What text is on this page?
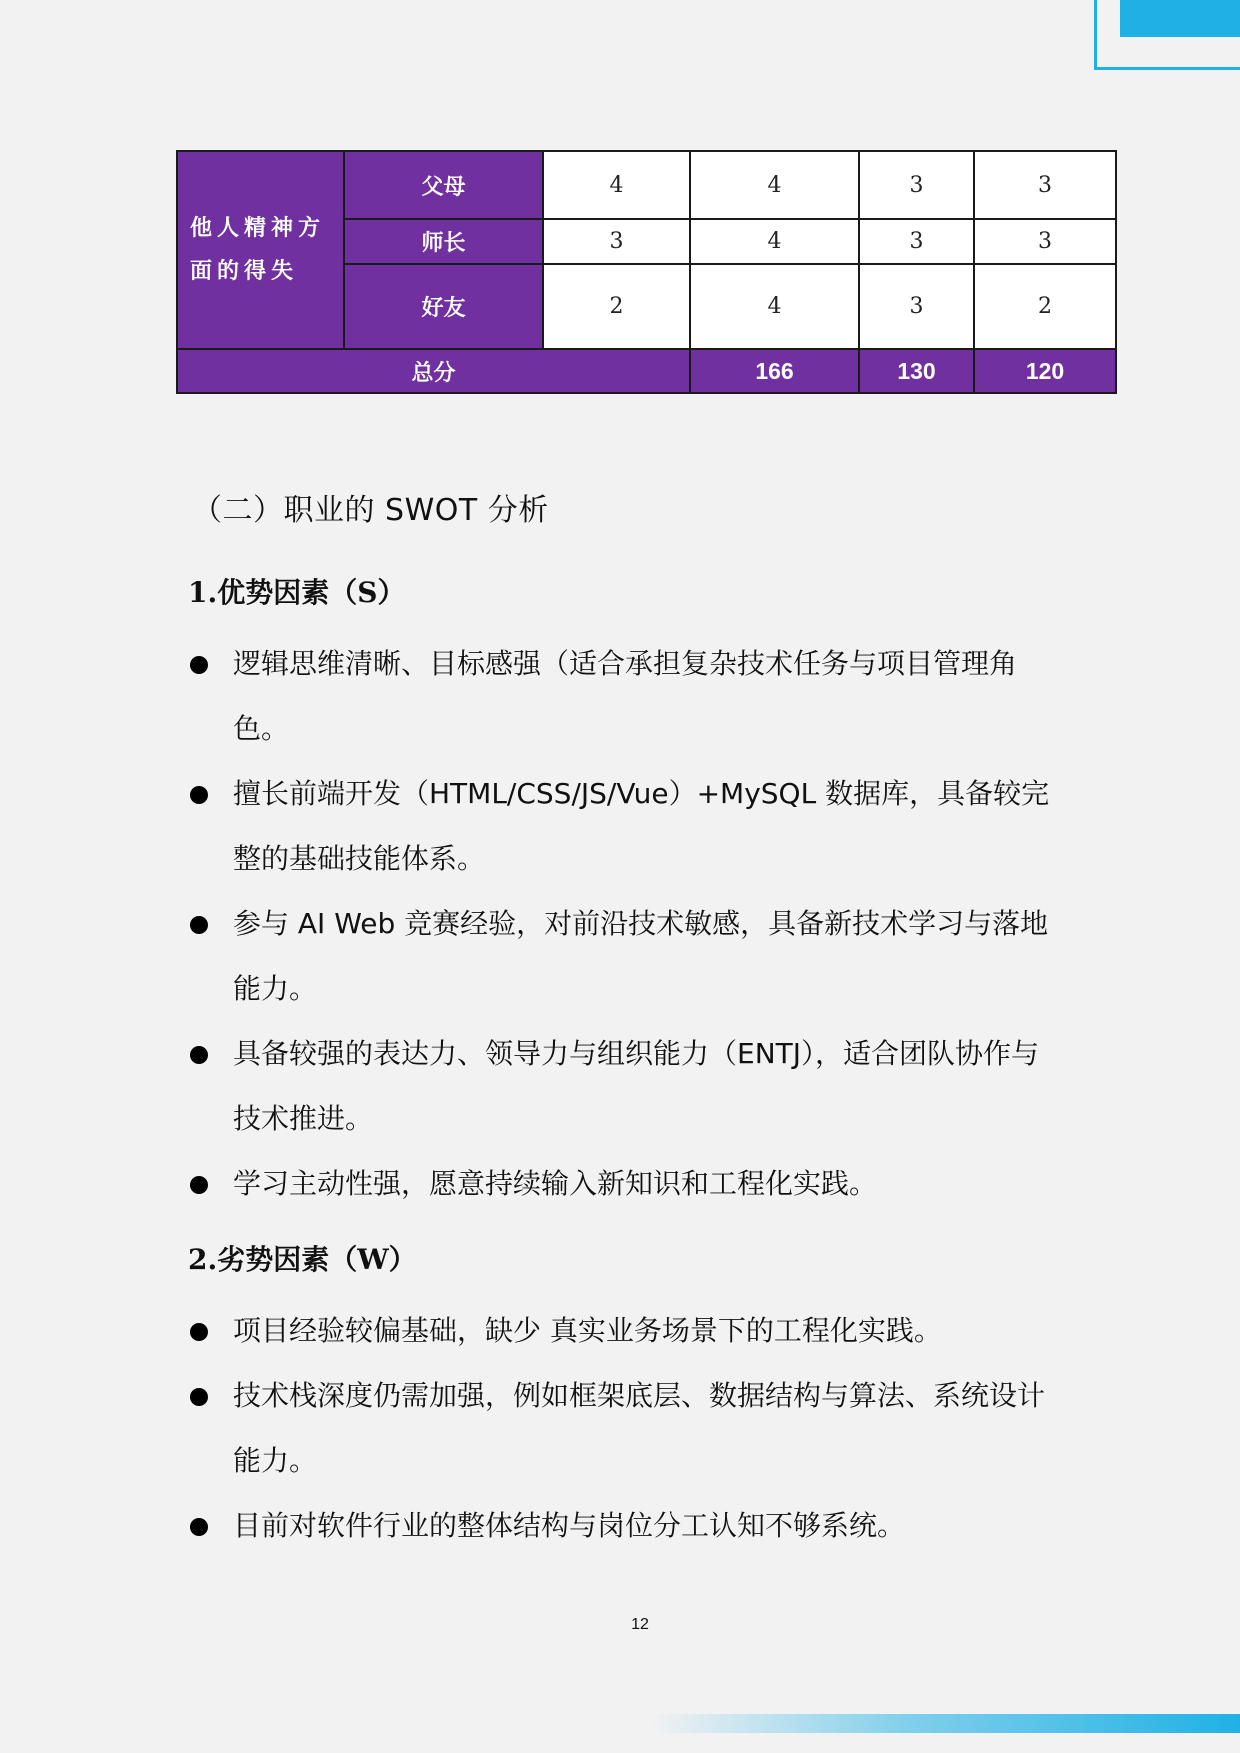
他人精神方面的得失	父母	4	4	3	3
	师长	3	4	3	3
	好友	2	4	3	2
总分			166	130	120
（二）职业的 SWOT 分析
1.优势因素（S）
逻辑思维清晰、目标感强（适合承担复杂技术任务与项目管理角色。
擅长前端开发（HTML/CSS/JS/Vue）+MySQL 数据库，具备较完整的基础技能体系。
参与 AI Web 竞赛经验，对前沿技术敏感，具备新技术学习与落地能力。
具备较强的表达力、领导力与组织能力（ENTJ），适合团队协作与技术推进。
学习主动性强，愿意持续输入新知识和工程化实践。
2.劣势因素（W）
项目经验较偏基础，缺少 真实业务场景下的工程化实践。
技术栈深度仍需加强，例如框架底层、数据结构与算法、系统设计能力。
目前对软件行业的整体结构与岗位分工认知不够系统。
12
